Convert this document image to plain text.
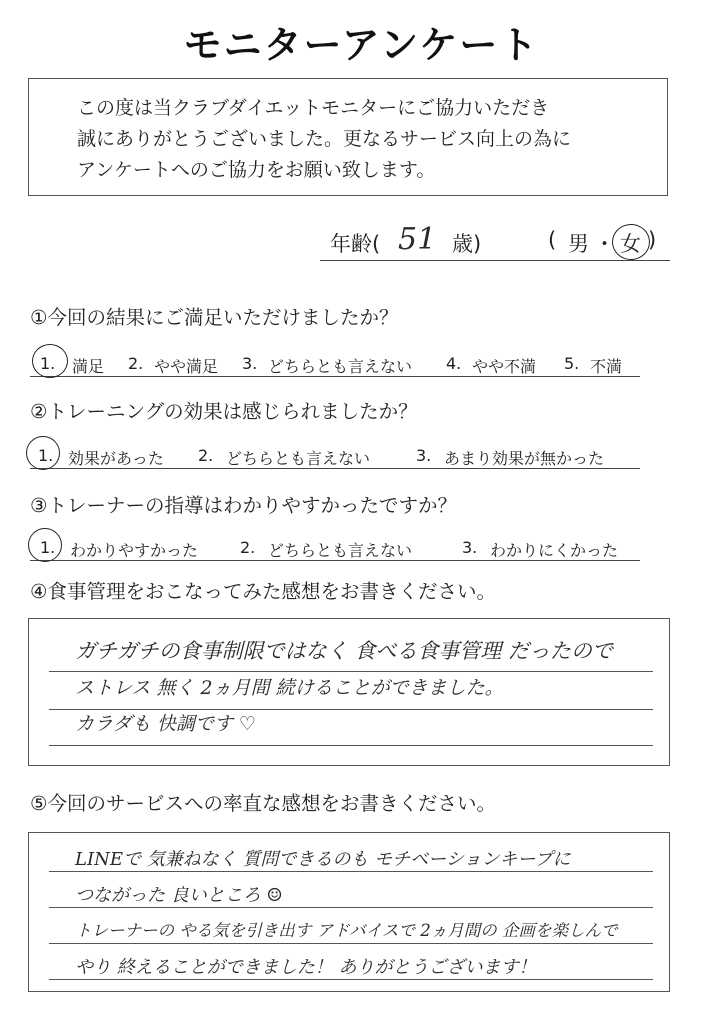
モニターアンケート
この度は当クラブダイエットモニターにご協力いただき
誠にありがとうございました。更なるサービス向上の為に
アンケートへのご協力をお願い致します。
年齢( 51 歳)	( 男 ・ 女 )
①今回の結果にご満足いただけましたか？
1. 満足 2. やや満足 3. どちらとも言えない 4. やや不満 5. 不満
②トレーニングの効果は感じられましたか？
1. 効果があった 2. どちらとも言えない	3. あまり効果が無かった
③トレーナーの指導はわかりやすかったですか？
1. わかりやすかった	2. どちらとも言えない	3. わかりにくかった
④食事管理をおこなってみた感想をお書きください。
ガチガチの食事制限ではなく 食べる食事管理 だったので
ストレス 無く 2ヵ月間 続けることができました。
カラダも 快調です ♡
⑤今回のサービスへの率直な感想をお書きください。
LINEで 気兼ねなく 質問できるのも モチベーションキープに
つながった 良いところ ☺
トレーナーの やる気を引き出す アドバイスで 2ヵ月間の 企画を楽しんで
やり 終えることができました！ ありがとうございます！
